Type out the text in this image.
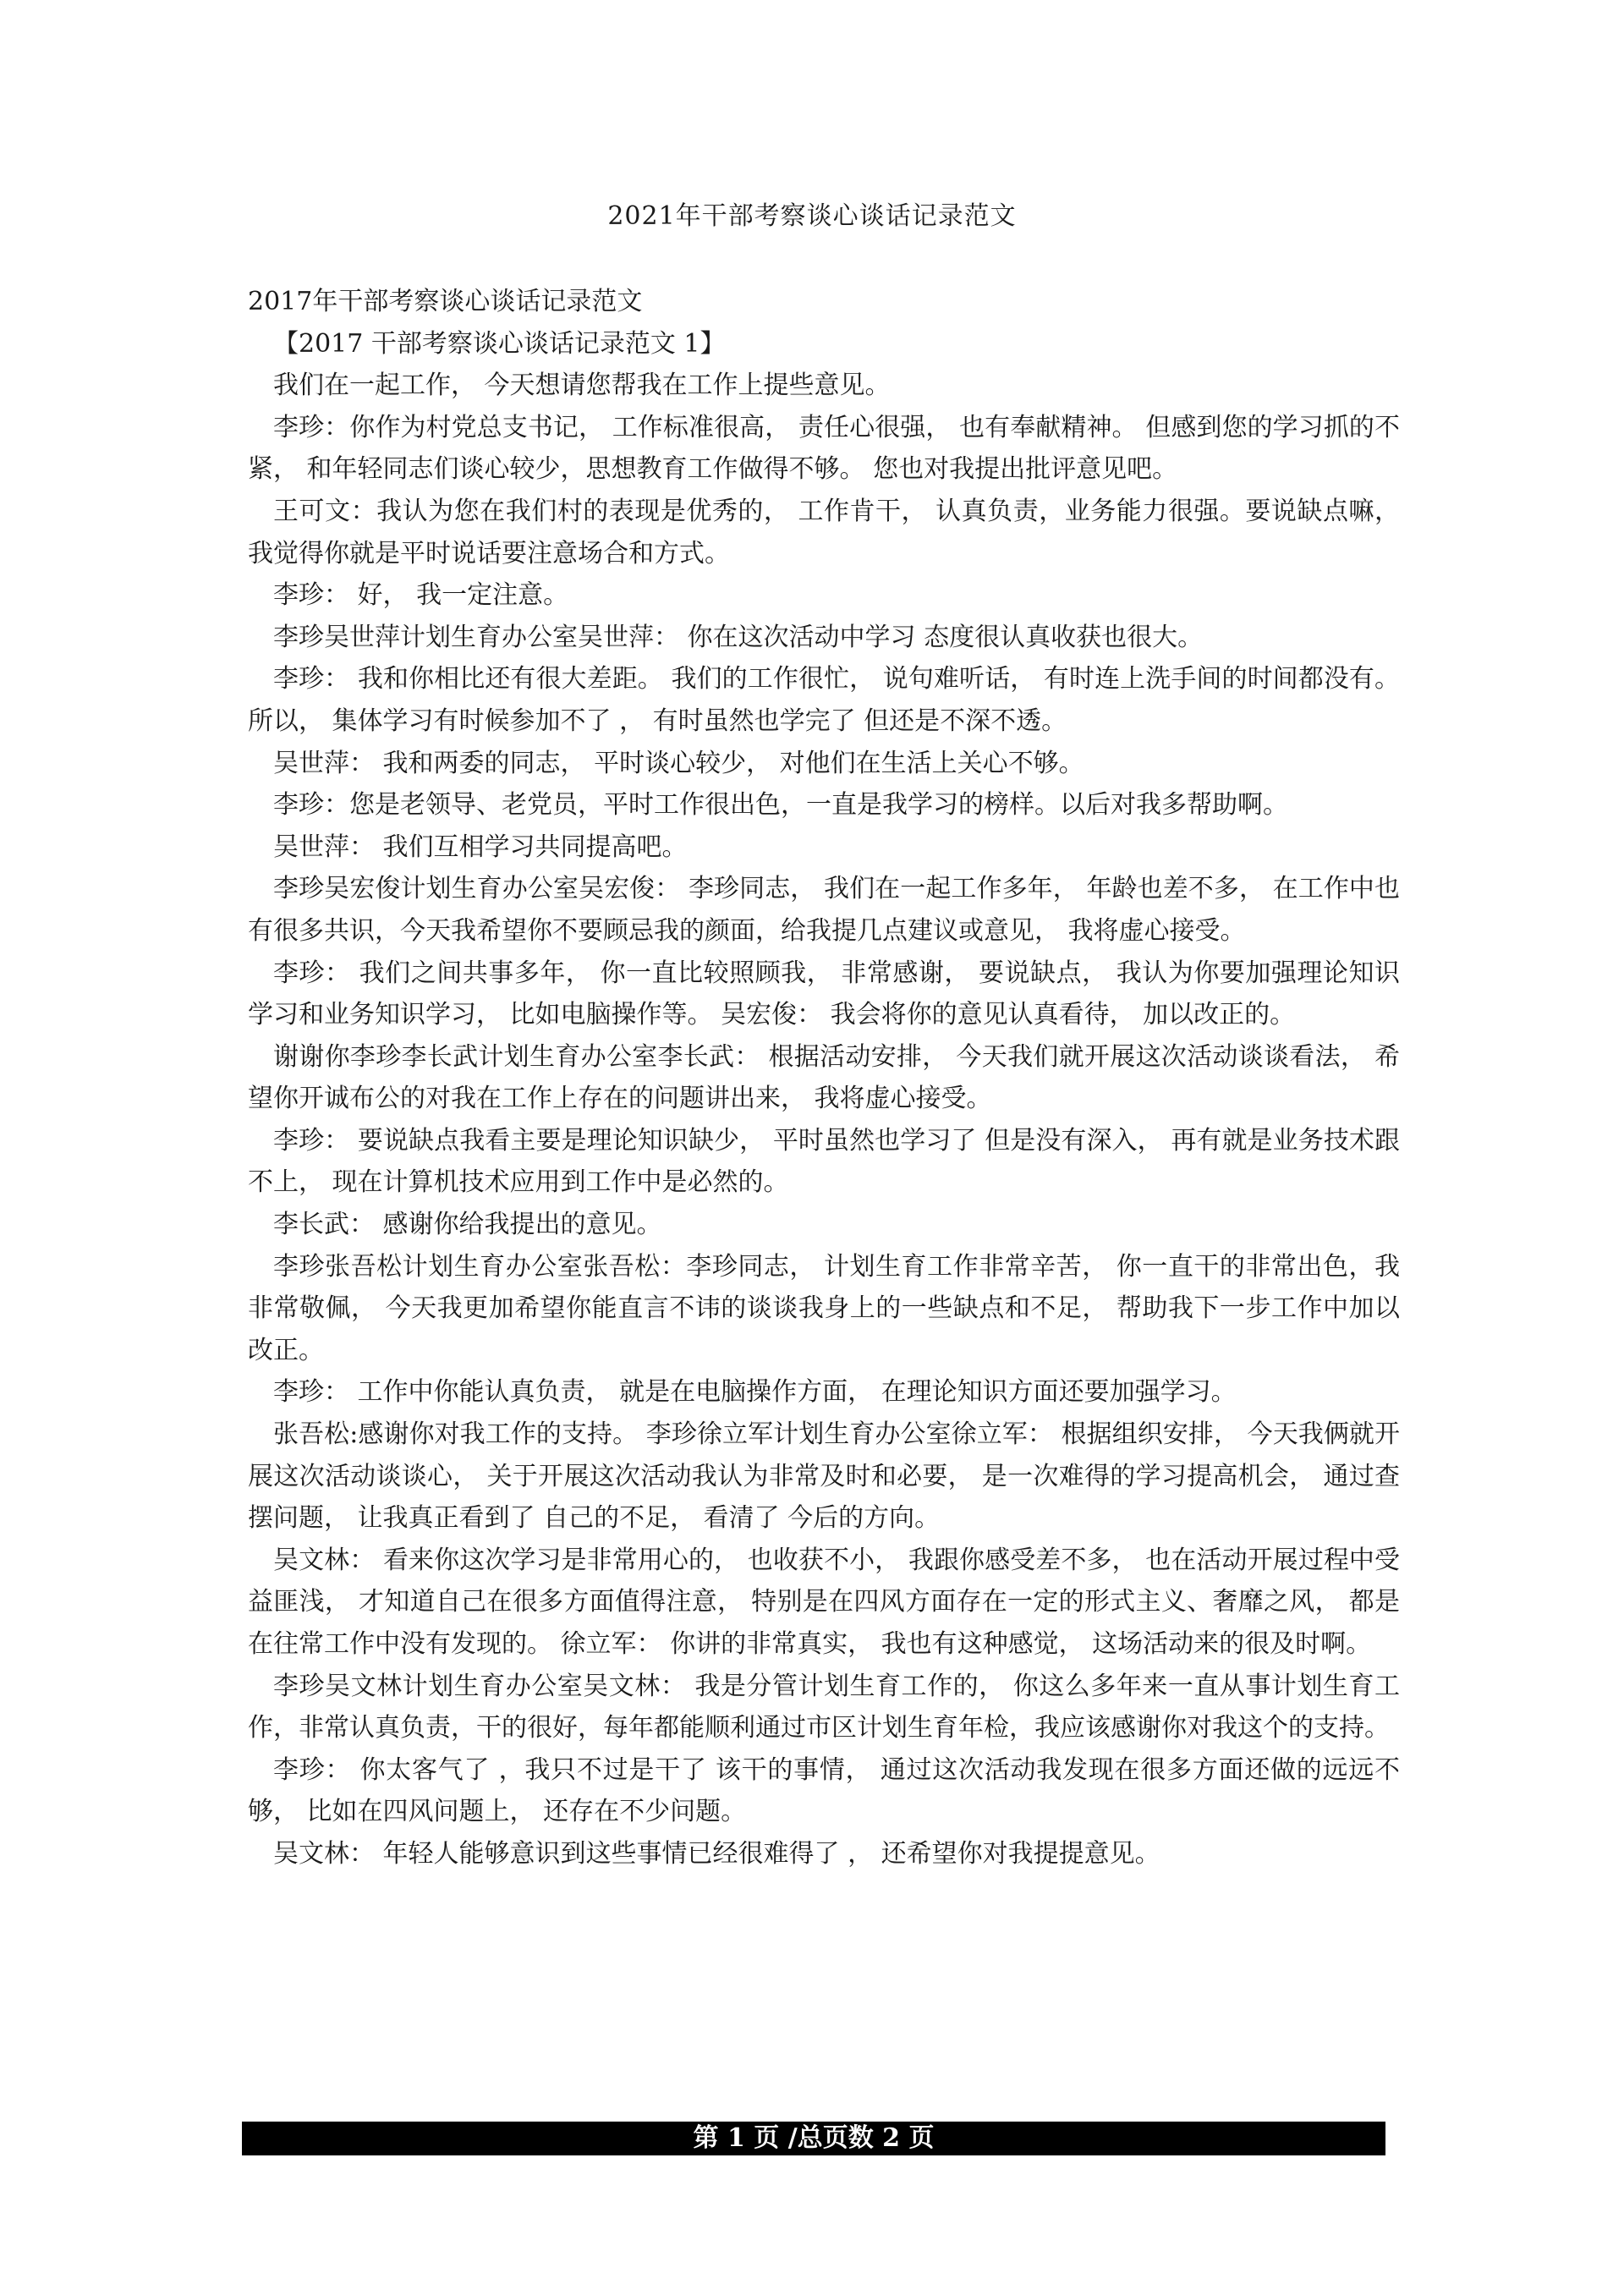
2021年干部考察谈心谈话记录范文

2017年干部考察谈心谈话记录范文

【2017 干部考察谈心谈话记录范文 1】

我们在一起工作， 今天想请您帮我在工作上提些意见。

李珍：你作为村党总支书记， 工作标准很高， 责任心很强， 也有奉献精神。 但感到您的学习抓的不紧， 和年轻同志们谈心较少，思想教育工作做得不够。 您也对我提出批评意见吧。

王可文：我认为您在我们村的表现是优秀的， 工作肯干， 认真负责，业务能力很强。要说缺点嘛， 我觉得你就是平时说话要注意场合和方式。

李珍： 好， 我一定注意。

李珍吴世萍计划生育办公室吴世萍： 你在这次活动中学习 态度很认真收获也很大。

李珍： 我和你相比还有很大差距。 我们的工作很忙， 说句难听话， 有时连上洗手间的时间都没有。 所以， 集体学习有时候参加不了 ， 有时虽然也学完了 但还是不深不透。

吴世萍： 我和两委的同志， 平时谈心较少， 对他们在生活上关心不够。

李珍：您是老领导、老党员，平时工作很出色，一直是我学习的榜样。以后对我多帮助啊。

吴世萍： 我们互相学习共同提高吧。

李珍吴宏俊计划生育办公室吴宏俊： 李珍同志， 我们在一起工作多年， 年龄也差不多， 在工作中也有很多共识，今天我希望你不要顾忌我的颜面，给我提几点建议或意见， 我将虚心接受。

李珍： 我们之间共事多年， 你一直比较照顾我， 非常感谢， 要说缺点， 我认为你要加强理论知识学习和业务知识学习， 比如电脑操作等。 吴宏俊： 我会将你的意见认真看待， 加以改正的。

谢谢你李珍李长武计划生育办公室李长武： 根据活动安排， 今天我们就开展这次活动谈谈看法， 希望你开诚布公的对我在工作上存在的问题讲出来， 我将虚心接受。

李珍： 要说缺点我看主要是理论知识缺少， 平时虽然也学习了 但是没有深入， 再有就是业务技术跟不上， 现在计算机技术应用到工作中是必然的。

李长武： 感谢你给我提出的意见。

李珍张吾松计划生育办公室张吾松：李珍同志， 计划生育工作非常辛苦， 你一直干的非常出色，我非常敬佩， 今天我更加希望你能直言不讳的谈谈我身上的一些缺点和不足， 帮助我下一步工作中加以改正。

李珍： 工作中你能认真负责， 就是在电脑操作方面， 在理论知识方面还要加强学习。

张吾松:感谢你对我工作的支持。 李珍徐立军计划生育办公室徐立军： 根据组织安排， 今天我俩就开展这次活动谈谈心， 关于开展这次活动我认为非常及时和必要， 是一次难得的学习提高机会， 通过查摆问题， 让我真正看到了 自己的不足， 看清了 今后的方向。

吴文林： 看来你这次学习是非常用心的， 也收获不小， 我跟你感受差不多， 也在活动开展过程中受益匪浅， 才知道自己在很多方面值得注意， 特别是在四风方面存在一定的形式主义、奢靡之风， 都是在往常工作中没有发现的。 徐立军： 你讲的非常真实， 我也有这种感觉， 这场活动来的很及时啊。

李珍吴文林计划生育办公室吴文林： 我是分管计划生育工作的， 你这么多年来一直从事计划生育工作，非常认真负责，干的很好，每年都能顺利通过市区计划生育年检，我应该感谢你对我这个的支持。

李珍： 你太客气了 ，我只不过是干了 该干的事情， 通过这次活动我发现在很多方面还做的远远不够， 比如在四风问题上， 还存在不少问题。

吴文林： 年轻人能够意识到这些事情已经很难得了 ， 还希望你对我提提意见。

第 1 页 /总页数 2 页
